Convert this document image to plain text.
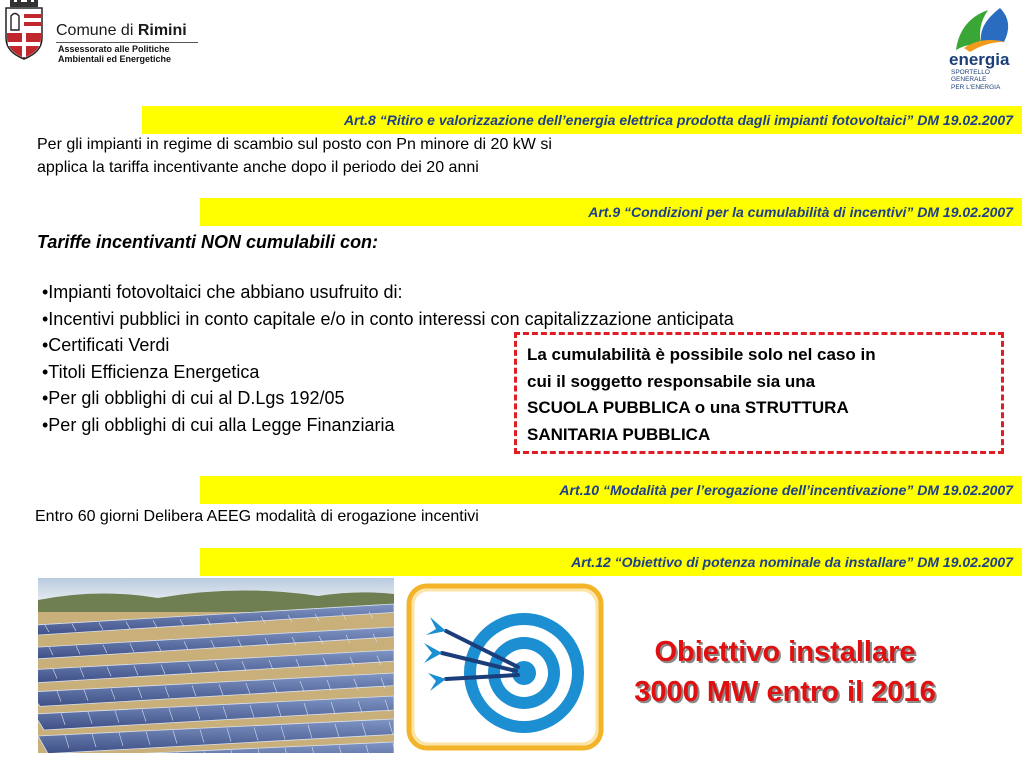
Comune di Rimini
Assessorato alle Politiche
Ambientali ed Energetiche	energia
SPORTELLO
GENERALE
PER L'ENERGIA
Art.8 “Ritiro e valorizzazione dell’energia elettrica prodotta dagli impianti fotovoltaici” DM 19.02.2007
Per gli impianti in regime di scambio sul posto con Pn minore di 20 kW si
applica la tariffa incentivante anche dopo il periodo dei 20 anni
Art.9 “Condizioni per la cumulabilità di incentivi” DM 19.02.2007
Tariffe incentivanti NON cumulabili con:
•Impianti fotovoltaici che abbiano usufruito di:
•Incentivi pubblici in conto capitale e/o in conto interessi con capitalizzazione anticipata
•Certificati Verdi
•Titoli Efficienza Energetica
•Per gli obblighi di cui al D.Lgs 192/05
•Per gli obblighi di cui alla Legge Finanziaria
La cumulabilità è possibile solo nel caso in
cui il soggetto responsabile sia una
SCUOLA PUBBLICA o una STRUTTURA
SANITARIA PUBBLICA
Art.10 “Modalità per l’erogazione dell’incentivazione” DM 19.02.2007
Entro 60 giorni Delibera AEEG modalità di erogazione incentivi
Art.12 “Obiettivo di potenza nominale da installare” DM 19.02.2007
Obiettivo installare
3000 MW entro il 2016
